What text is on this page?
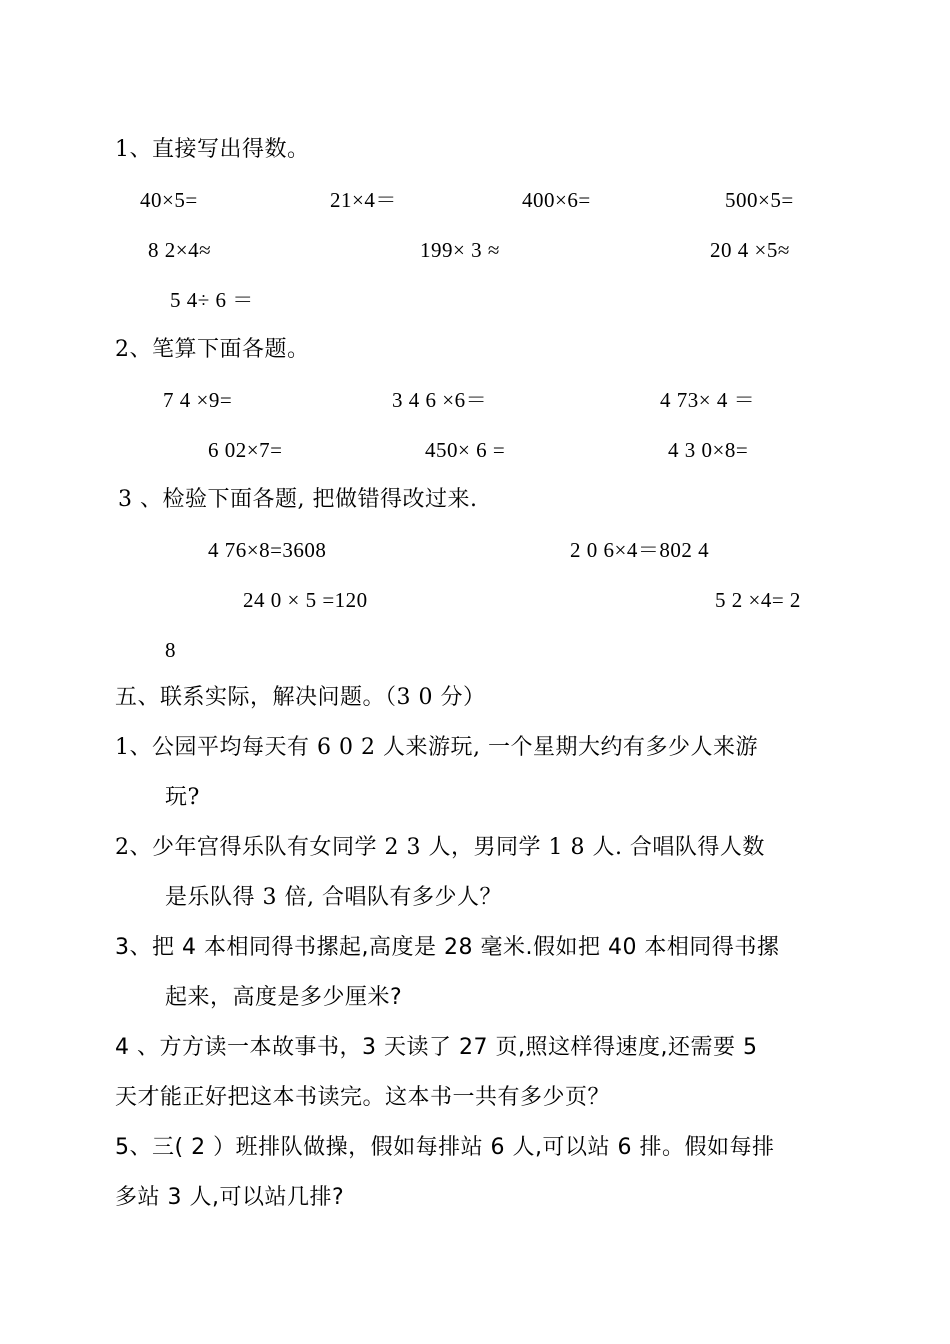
1、直接写出得数。
40×5=	21×4＝	400×6=	500×5=
8 2×4≈	199× 3 ≈	20 4 ×5≈
5 4÷ 6 ＝
2、笔算下面各题。
7 4 ×9=	3 4 6 ×6＝	4 73× 4 ＝
6 02×7=	450× 6 =	4 3 0×8=
3 、检验下面各题, 把做错得改过来.
4 76×8=3608	2 0 6×4＝802 4
24 0 × 5 =120	5 2 ×4= 2
8
五、联系实际，解决问题。（3 0 分）
1、公园平均每天有 6 0 2 人来游玩, 一个星期大约有多少人来游
玩?
2、少年宫得乐队有女同学 2 3 人，男同学 1 8 人. 合唱队得人数
是乐队得 3 倍, 合唱队有多少人？
3、把 4 本相同得书摞起,高度是 28 毫米.假如把 40 本相同得书摞
起来，高度是多少厘米?
4 、方方读一本故事书，3 天读了 27 页,照这样得速度,还需要 5
天才能正好把这本书读完。这本书一共有多少页？
5、三( 2 ）班排队做操，假如每排站 6 人,可以站 6 排。假如每排
多站 3 人,可以站几排?
